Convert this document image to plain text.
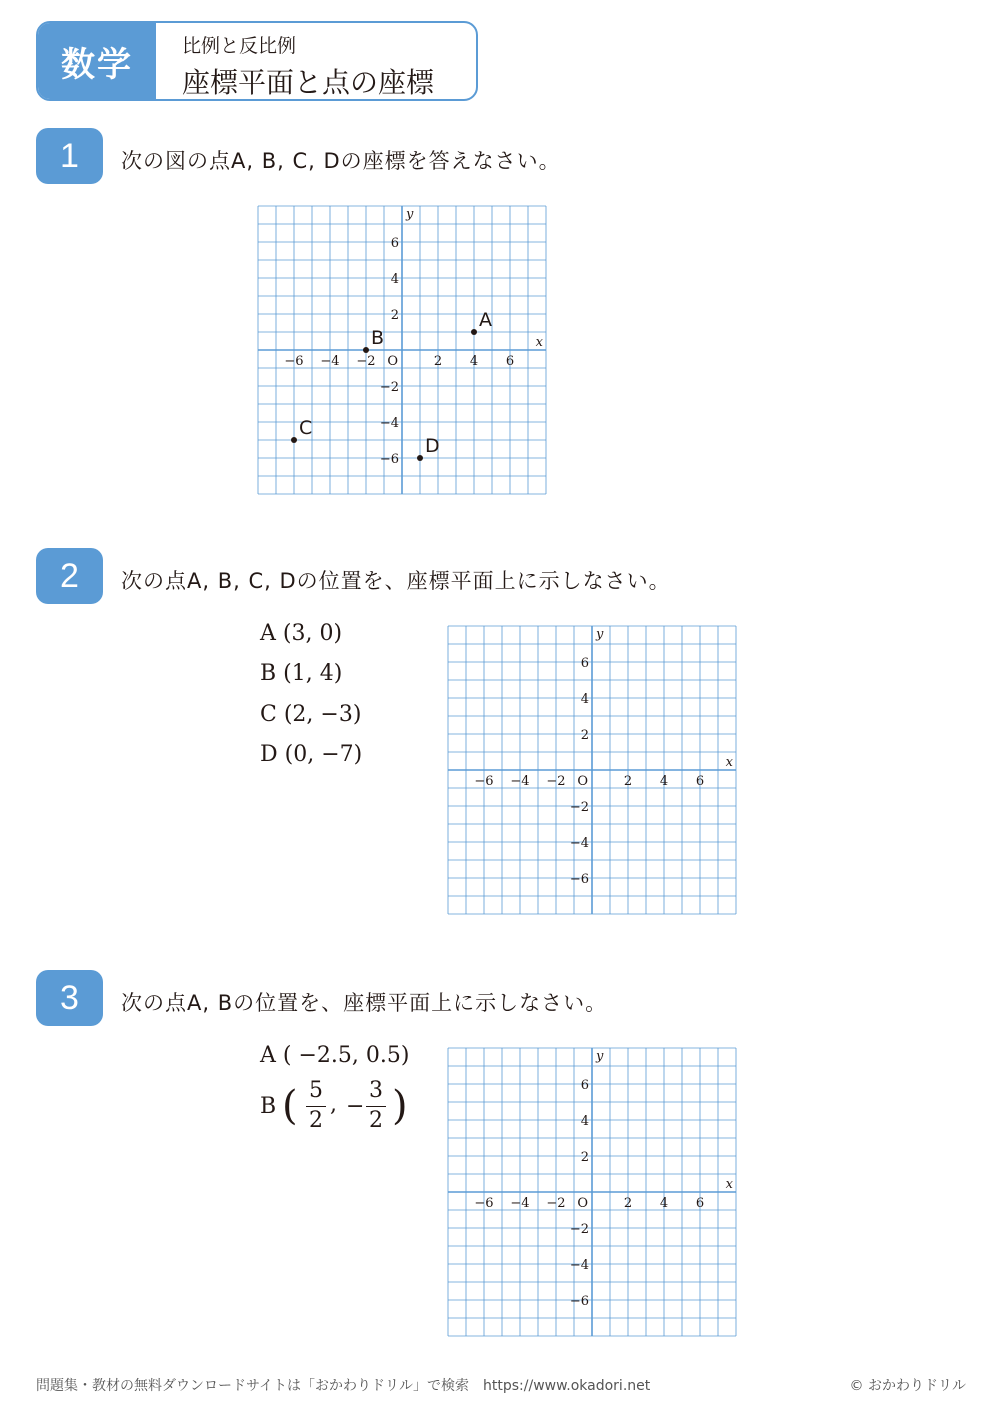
数学	比例と反比例
座標平面と点の座標
1	次の図の点A, B, C, Dの座標を答えなさい。
−6 −4 −2	2 4 6
6
4
2
−2
−4
−6
O
x
y
A
B
C
D
2	次の点A, B, C, Dの位置を、座標平面上に示しなさい。
A (3, 0)
B (1, 4)
C (2, −3)
D (0, −7)
−6 −4 −2	2 4 6
6
4
2
−2
−4
−6
O
x
y
3	次の点A, Bの位置を、座標平面上に示しなさい。
A ( −2.5, 0.5)
B ( 5
2
, −
3
2 )
−6 −4 −2	2 4 6
6
4
2
−2
−4
−6
O
x
y
問題集・教材の無料ダウンロードサイトは「おかわりドリル」で検索　https://www.okadori.net	© おかわりドリル
